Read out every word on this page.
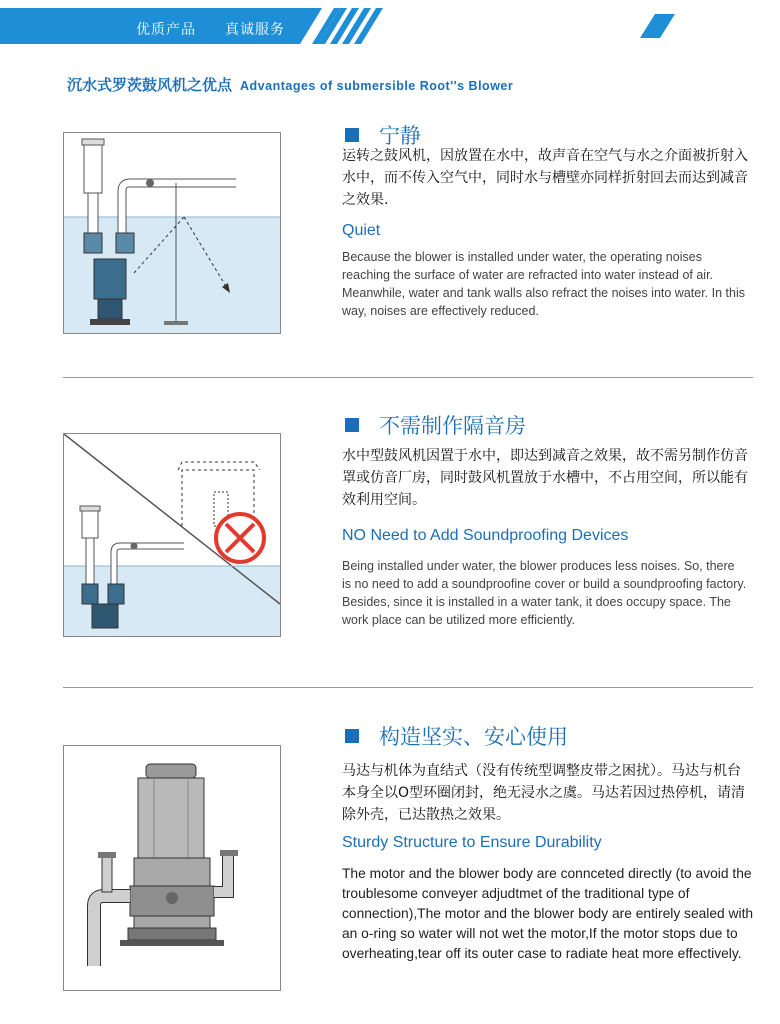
优质产品 真诚服务
沉水式罗茨鼓风机之优点 Advantages of submersible Root''s Blower
宁静
运转之鼓风机，因放置在水中，故声音在空气与水之介面被折射入水中，而不传入空气中，同时水与槽壁亦同样折射回去而达到减音之效果.
Quiet
Because the blower is installed under water, the operating noises reaching the surface of water are refracted into water instead of air. Meanwhile, water and tank walls also refract the noises into water. In this way, noises are effectively reduced.
不需制作隔音房
水中型鼓风机因置于水中，即达到减音之效果，故不需另制作仿音罩或仿音厂房，同时鼓风机置放于水槽中，不占用空间，所以能有效利用空间。
NO Need to Add Soundproofing Devices
Being installed under water, the blower produces less noises. So, there is no need to add a soundproofine cover or build a soundproofing factory. Besides, since it is installed in a water tank, it does occupy space. The work place can be utilized more efficiently.
构造坚实、安心使用
马达与机体为直结式（没有传统型调整皮带之困扰）。马达与机台本身全以O型环圈闭封，绝无浸水之虞。马达若因过热停机，请清除外壳，已达散热之效果。
Sturdy Structure to Ensure Durability
The motor and the blower body are connceted directly (to avoid the troublesome conveyer adjudtmet of the traditional type of connection),The motor and the blower body are entirely sealed with an o-ring so water will not wet the motor,If the motor stops due to overheating,tear off its outer case to radiate heat more effectively.
